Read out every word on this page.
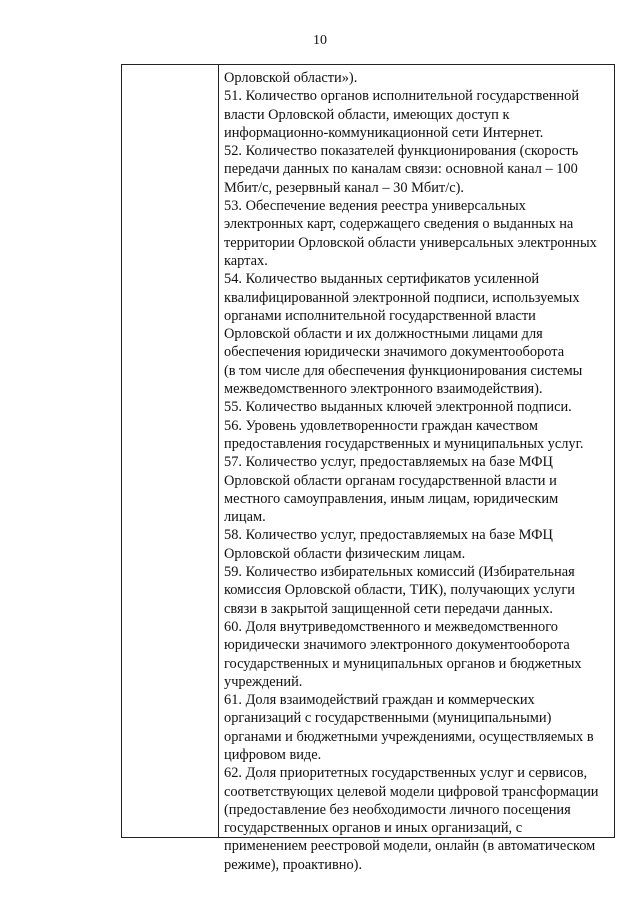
10

Орловской области»).

51. Количество органов исполнительной государственной

власти Орловской области, имеющих доступ к

информационно-коммуникационной сети Интернет.

52. Количество показателей функционирования (скорость

передачи данных по каналам связи: основной канал – 100

Мбит/с, резервный канал – 30 Мбит/с).

53. Обеспечение ведения реестра универсальных

электронных карт, содержащего сведения о выданных на

территории Орловской области универсальных электронных

картах.

54. Количество выданных сертификатов усиленной

квалифицированной электронной подписи, используемых

органами исполнительной государственной власти

Орловской области и их должностными лицами для

обеспечения юридически значимого документооборота

(в том числе для обеспечения функционирования системы

межведомственного электронного взаимодействия).

55. Количество выданных ключей электронной подписи.

56. Уровень удовлетворенности граждан качеством

предоставления государственных и муниципальных услуг.

57. Количество услуг, предоставляемых на базе МФЦ

Орловской области органам государственной власти и

местного самоуправления, иным лицам, юридическим

лицам.

58. Количество услуг, предоставляемых на базе МФЦ

Орловской области физическим лицам.

59. Количество избирательных комиссий (Избирательная

комиссия Орловской области, ТИК), получающих услуги

связи в закрытой защищенной сети передачи данных.

60. Доля внутриведомственного и межведомственного

юридически значимого электронного документооборота

государственных и муниципальных органов и бюджетных

учреждений.

61. Доля взаимодействий граждан и коммерческих

организаций с государственными (муниципальными)

органами и бюджетными учреждениями, осуществляемых в

цифровом виде.

62. Доля приоритетных государственных услуг и сервисов,

соответствующих целевой модели цифровой трансформации

(предоставление без необходимости личного посещения

государственных органов и иных организаций, с

применением реестровой модели, онлайн (в автоматическом

режиме), проактивно).
